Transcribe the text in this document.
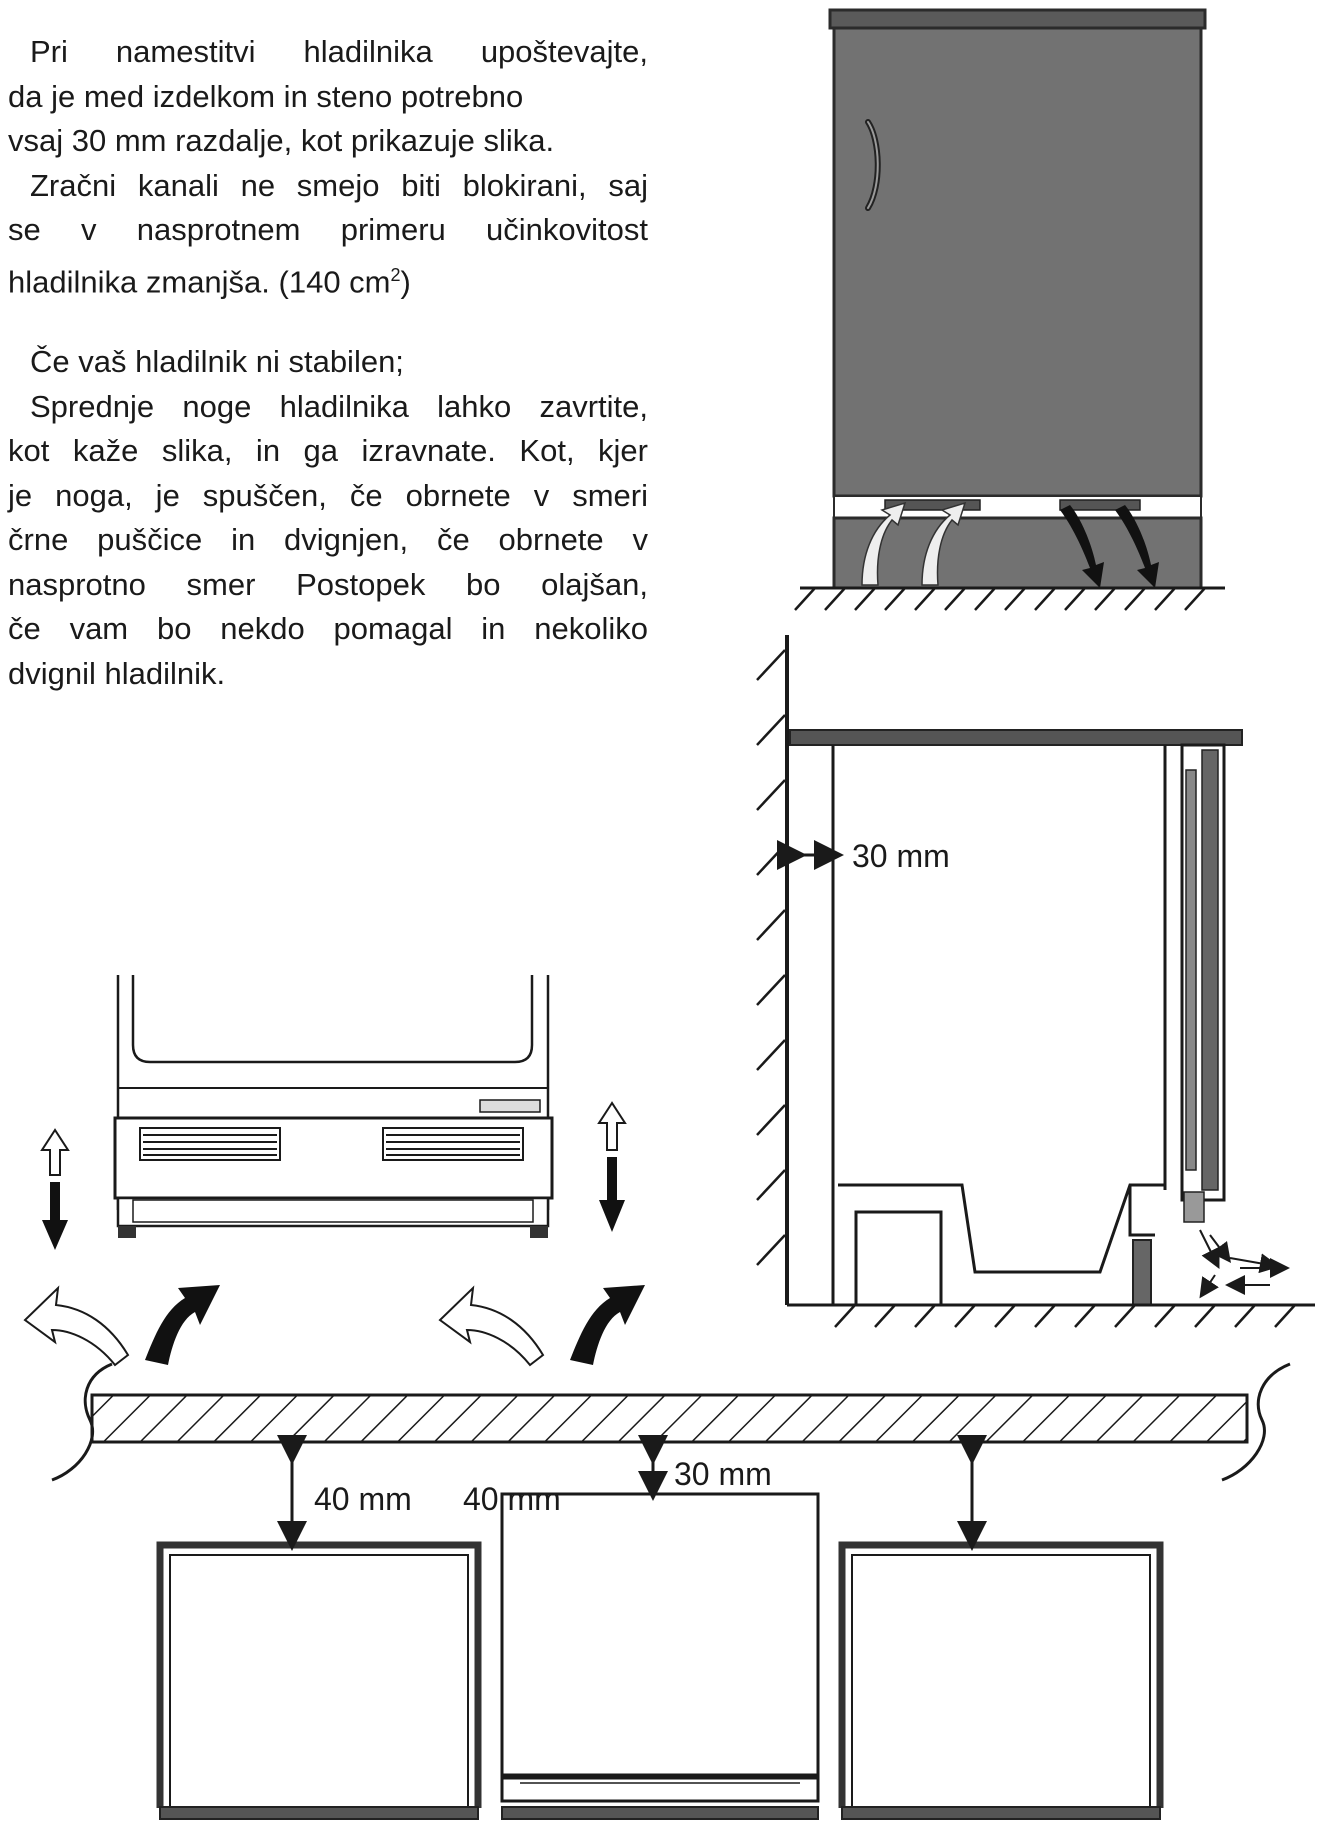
Pri namestitvi hladilnika upoštevajte,
da je med izdelkom in steno potrebno
vsaj 30 mm razdalje, kot prikazuje slika.
Zračni kanali ne smejo biti blokirani, saj
se v nasprotnem primeru učinkovitost
hladilnika zmanjša. (140 $cm^2$)
Če vaš hladilnik ni stabilen;
Sprednje noge hladilnika lahko zavrtite,
kot kaže slika, in ga izravnate. Kot, kjer
je noga, je spuščen, če obrnete v smeri
črne puščice in dvignjen, če obrnete v
nasprotno smer Postopek bo olajšan,
če vam bo nekdo pomagal in nekoliko
dvignil hladilnik.
30 mm
40 mm 40 mm
30 mm
